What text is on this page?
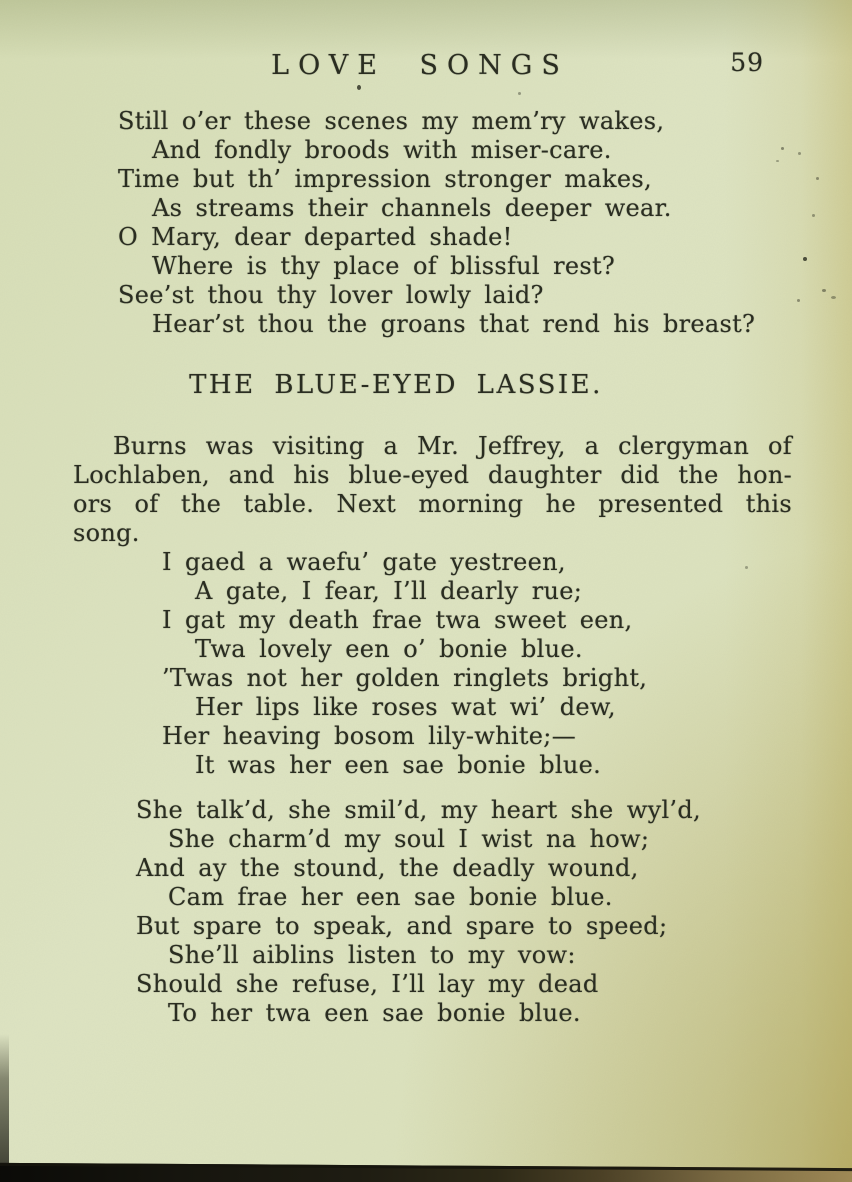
LOVE SONGS	59
Still o’er these scenes my mem’ry wakes,
And fondly broods with miser-care.
Time but th’ impression stronger makes,
As streams their channels deeper wear.
O Mary, dear departed shade!
Where is thy place of blissful rest?
See’st thou thy lover lowly laid?
Hear’st thou the groans that rend his breast?
THE BLUE-EYED LASSIE.
Burns was visiting a Mr. Jeffrey, a clergyman of
Lochlaben, and his blue-eyed daughter did the hon-
ors of the table. Next morning he presented this
song.
I gaed a waefu’ gate yestreen,
A gate, I fear, I’ll dearly rue;
I gat my death frae twa sweet een,
Twa lovely een o’ bonie blue.
’Twas not her golden ringlets bright,
Her lips like roses wat wi’ dew,
Her heaving bosom lily-white;—
It was her een sae bonie blue.
She talk’d, she smil’d, my heart she wyl’d,
She charm’d my soul I wist na how;
And ay the stound, the deadly wound,
Cam frae her een sae bonie blue.
But spare to speak, and spare to speed;
She’ll aiblins listen to my vow:
Should she refuse, I’ll lay my dead
To her twa een sae bonie blue.
